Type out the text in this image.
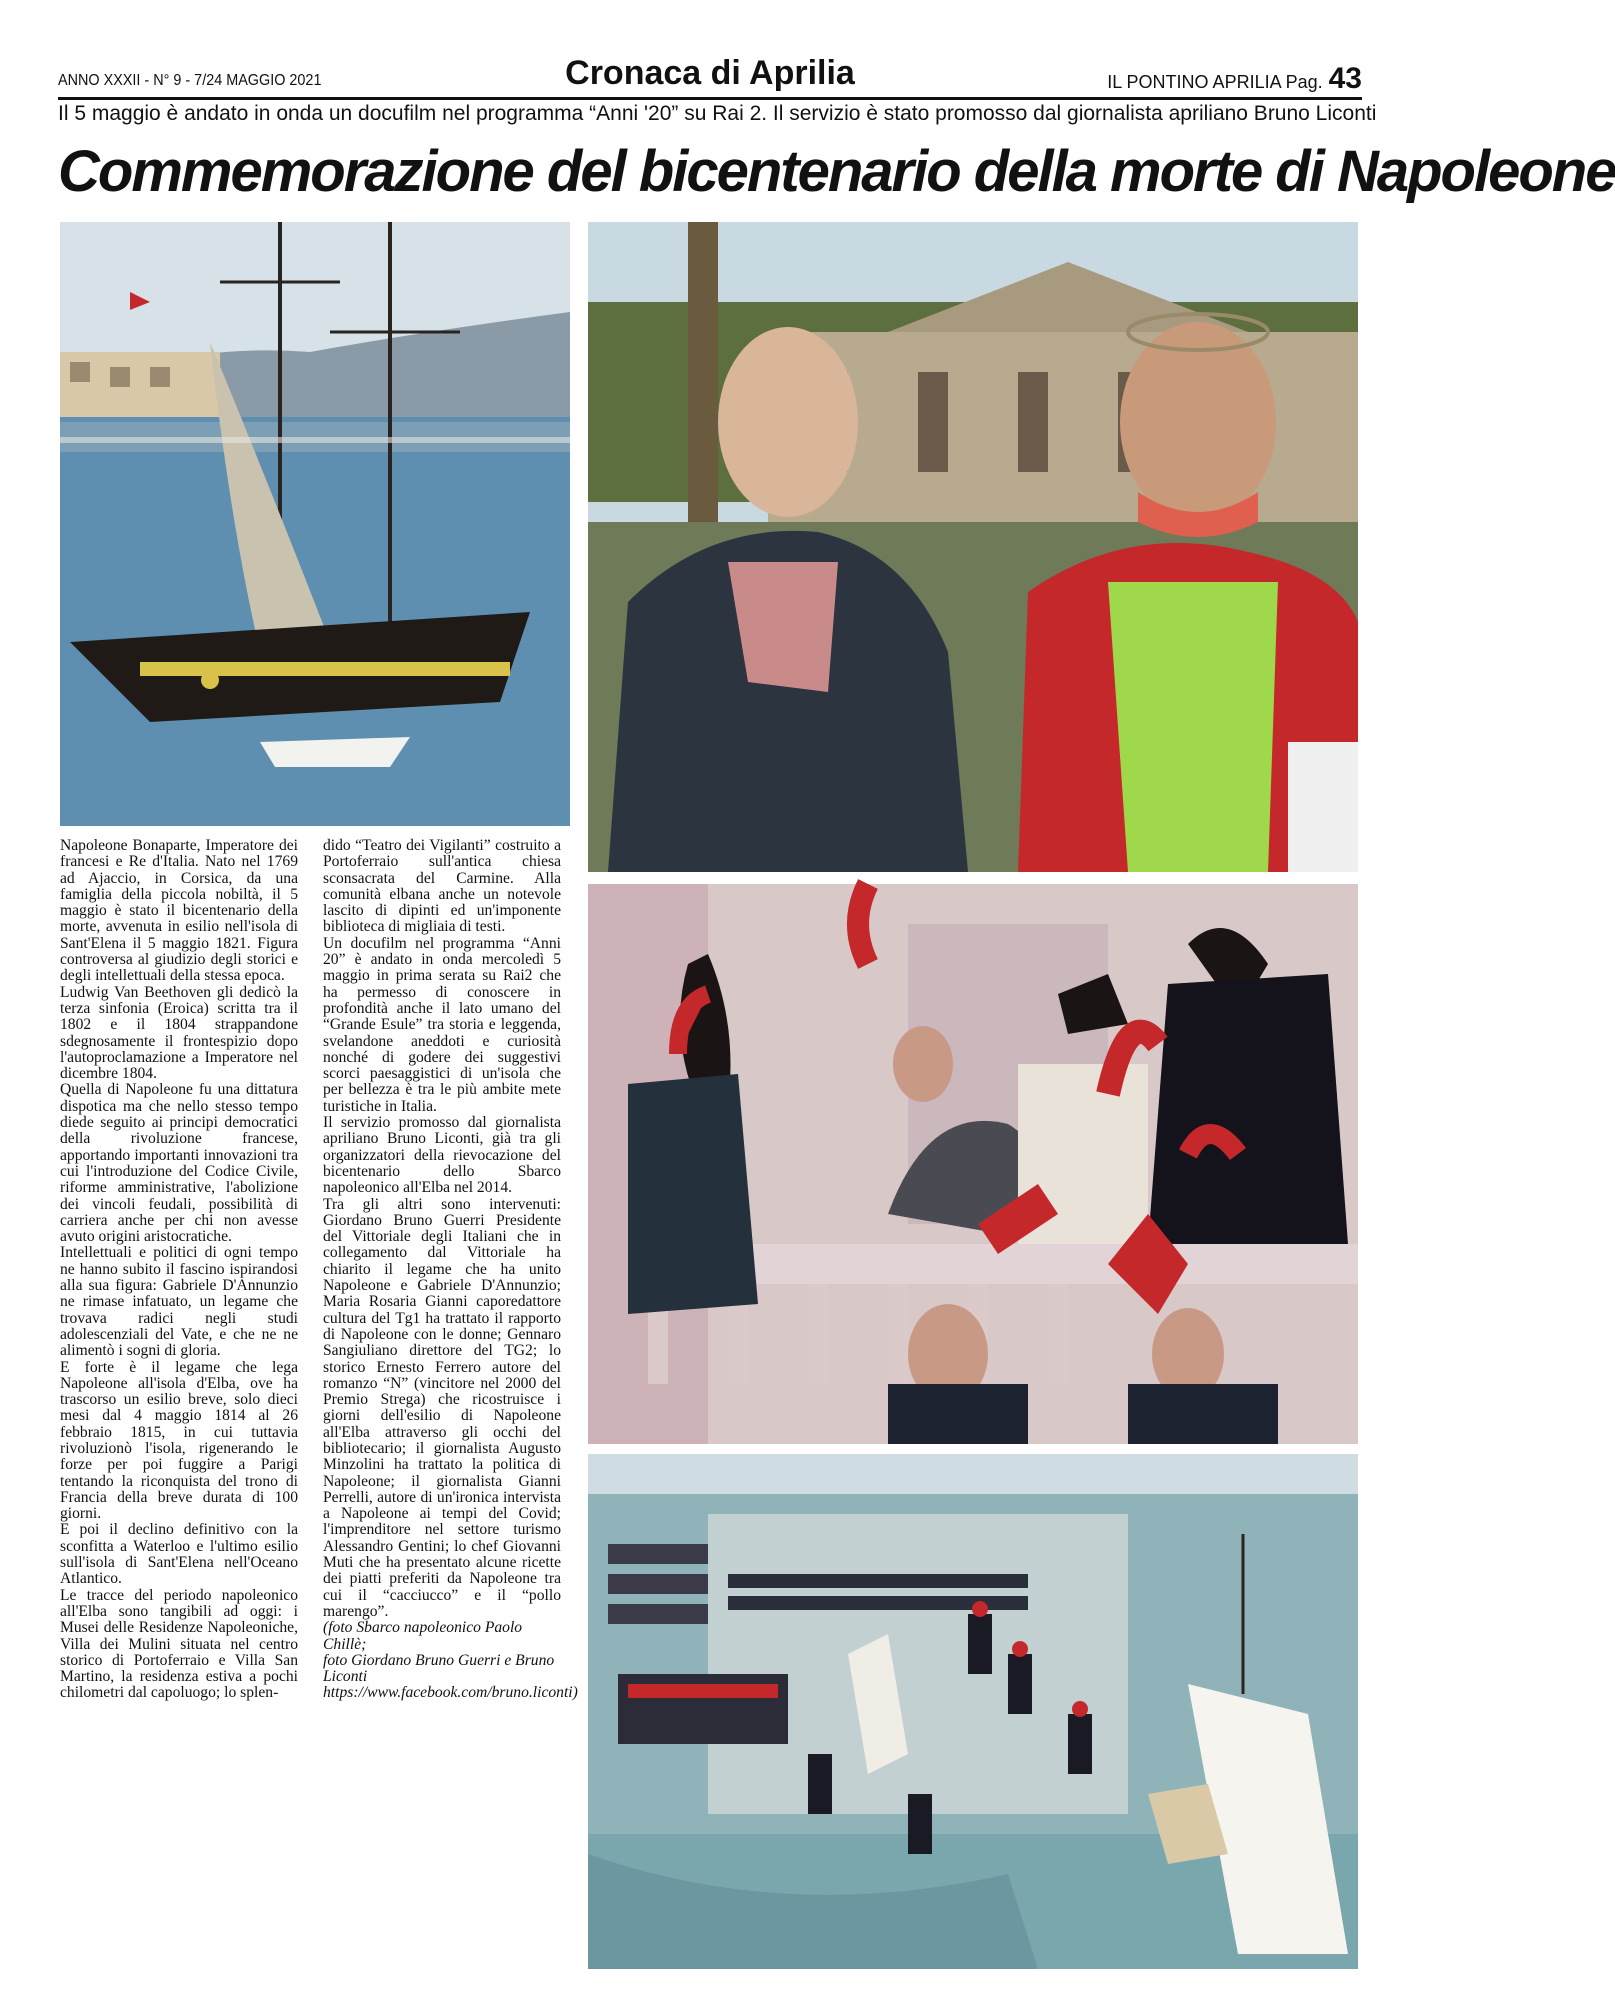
ANNO XXXII - N° 9 - 7/24 MAGGIO 2021	Cronaca di Aprilia	IL PONTINO APRILIA Pag. 43
Il 5 maggio è andato in onda un docufilm nel programma “Anni '20” su Rai 2. Il servizio è stato promosso dal giornalista apriliano Bruno Liconti
Commemorazione del bicentenario della morte di Napoleone

Napoleone Bonaparte, Imperatore dei francesi e Re d'Italia. Nato nel 1769 ad Ajaccio, in Corsica, da una famiglia della piccola nobiltà, il 5 maggio è stato il bicentenario della morte, avvenuta in esilio nell'isola di Sant'Elena il 5 maggio 1821. Figura controversa al giudizio degli storici e degli intellettuali della stessa epoca.

Ludwig Van Beethoven gli dedicò la terza sinfonia (Eroica) scritta tra il 1802 e il 1804 strappandone sdegnosamente il frontespizio dopo l'autoproclamazione a Imperatore nel dicembre 1804.

Quella di Napoleone fu una dittatura dispotica ma che nello stesso tempo diede seguito ai principi democratici della rivoluzione francese, apportando importanti innovazioni tra cui l'introduzione del Codice Civile, riforme amministrative, l'abolizione dei vincoli feudali, possibilità di carriera anche per chi non avesse avuto origini aristocratiche.

Intellettuali e politici di ogni tempo ne hanno subito il fascino ispirandosi alla sua figura: Gabriele D'Annunzio ne rimase infatuato, un legame che trovava radici negli studi adolescenziali del Vate, e che ne ne alimentò i sogni di gloria.

E forte è il legame che lega Napoleone all'isola d'Elba, ove ha trascorso un esilio breve, solo dieci mesi dal 4 maggio 1814 al 26 febbraio 1815, in cui tuttavia rivoluzionò l'isola, rigenerando le forze per poi fuggire a Parigi tentando la riconquista del trono di Francia della breve durata di 100 giorni.

E poi il declino definitivo con la sconfitta a Waterloo e l'ultimo esilio sull'isola di Sant'Elena nell'Oceano Atlantico.

Le tracce del periodo napoleonico all'Elba sono tangibili ad oggi: i Musei delle Residenze Napoleoniche, Villa dei Mulini situata nel centro storico di Portoferraio e Villa San Martino, la residenza estiva a pochi chilometri dal capoluogo; lo splen-

dido “Teatro dei Vigilanti” costruito a Portoferraio sull'antica chiesa sconsacrata del Carmine. Alla comunità elbana anche un notevole lascito di dipinti ed un'imponente biblioteca di migliaia di testi.

Un docufilm nel programma “Anni 20” è andato in onda mercoledì 5 maggio in prima serata su Rai2 che ha permesso di conoscere in profondità anche il lato umano del “Grande Esule” tra storia e leggenda, svelandone aneddoti e curiosità nonché di godere dei suggestivi scorci paesaggistici di un'isola che per bellezza è tra le più ambite mete turistiche in Italia.

Il servizio promosso dal giornalista apriliano Bruno Liconti, già tra gli organizzatori della rievocazione del bicentenario dello Sbarco napoleonico all'Elba nel 2014.

Tra gli altri sono intervenuti: Giordano Bruno Guerri Presidente del Vittoriale degli Italiani che in collegamento dal Vittoriale ha chiarito il legame che ha unito Napoleone e Gabriele D'Annunzio; Maria Rosaria Gianni caporedattore cultura del Tg1 ha trattato il rapporto di Napoleone con le donne; Gennaro Sangiuliano direttore del TG2; lo storico Ernesto Ferrero autore del romanzo “N” (vincitore nel 2000 del Premio Strega) che ricostruisce i giorni dell'esilio di Napoleone all'Elba attraverso gli occhi del bibliotecario; il giornalista Augusto Minzolini ha trattato la politica di Napoleone; il giornalista Gianni Perrelli, autore di un'ironica intervista a Napoleone ai tempi del Covid; l'imprenditore nel settore turismo Alessandro Gentini; lo chef Giovanni Muti che ha presentato alcune ricette dei piatti preferiti da Napoleone tra cui il “cacciucco” e il “pollo marengo”.

(foto Sbarco napoleonico Paolo Chillè;

foto Giordano Bruno Guerri e Bruno Liconti

https://www.facebook.com/bruno.liconti)
